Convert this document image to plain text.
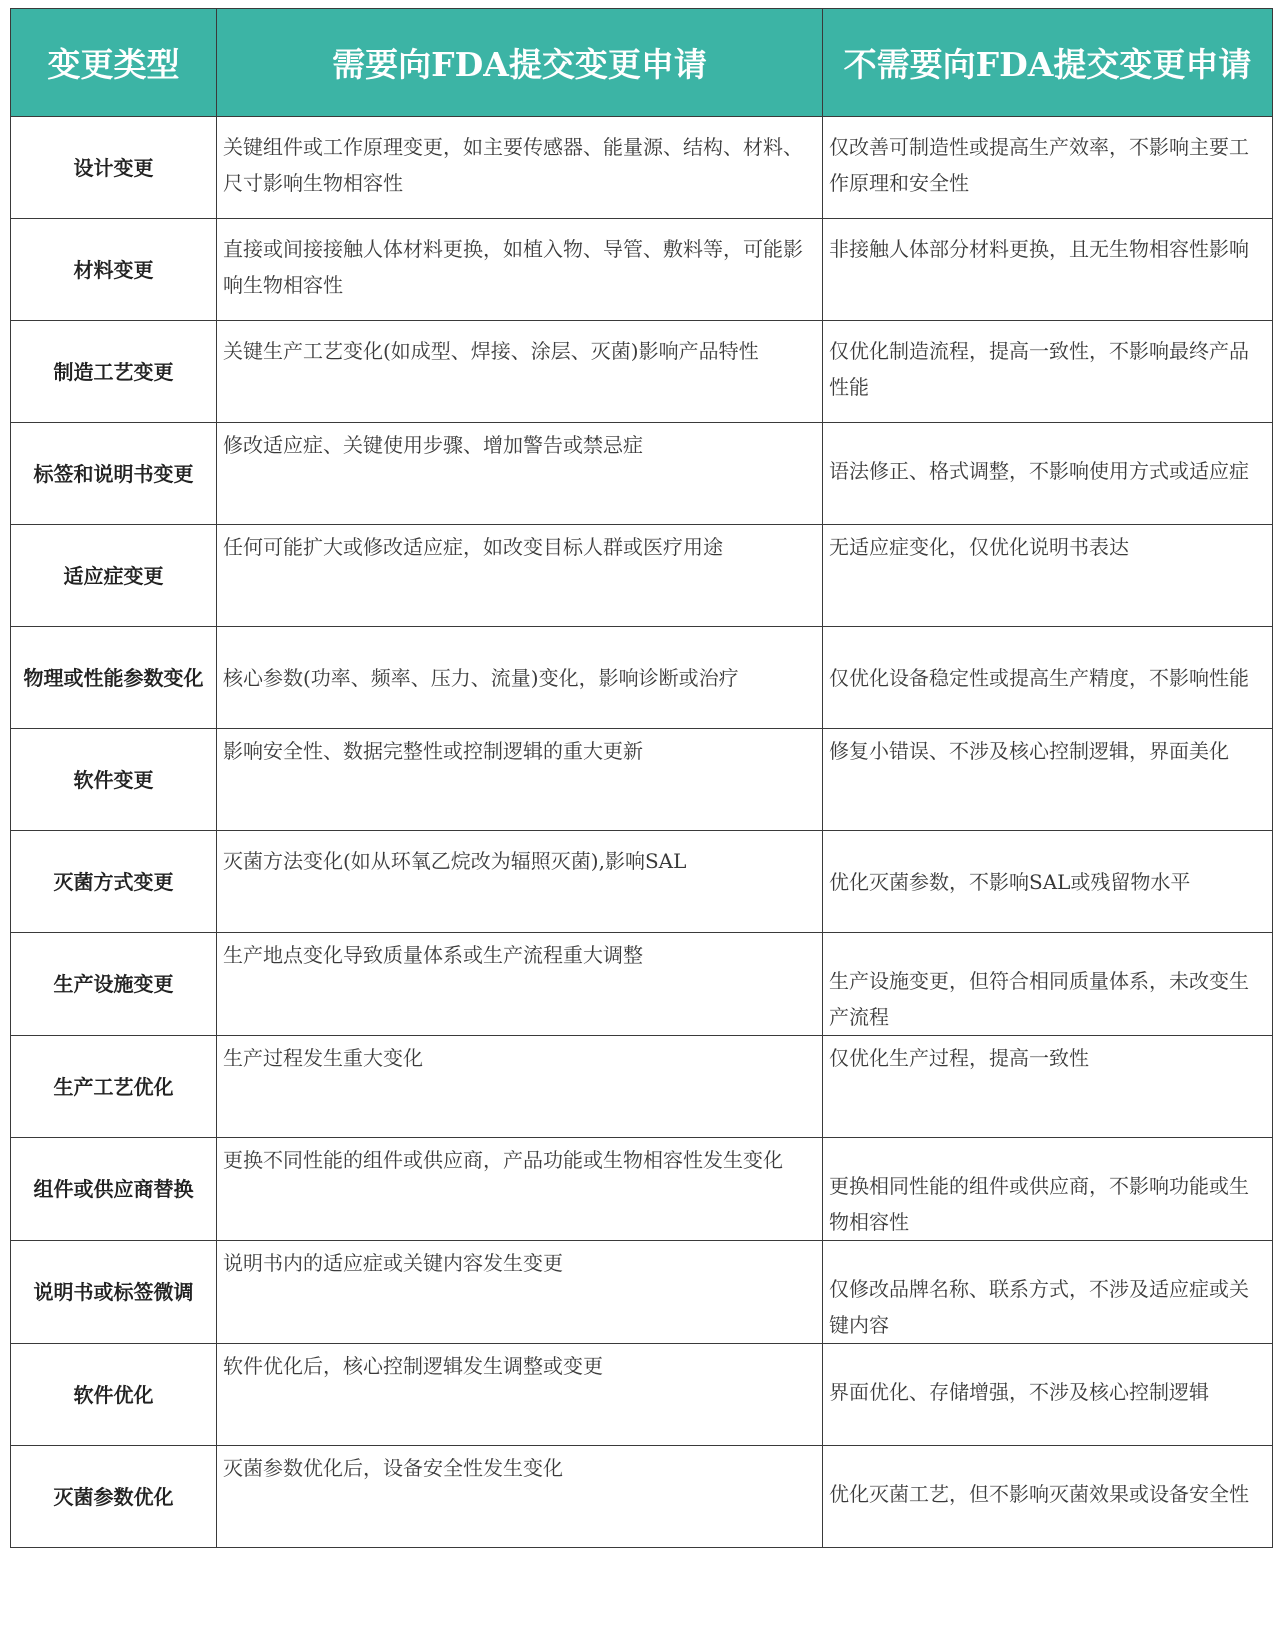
变更类型	需要向FDA提交变更申请	不需要向FDA提交变更申请
设计变更	关键组件或工作原理变更，如主要传感器、能量源、结构、材料、尺寸影响生物相容性	仅改善可制造性或提高生产效率，不影响主要工作原理和安全性
材料变更	直接或间接接触人体材料更换，如植入物、导管、敷料等，可能影响生物相容性	非接触人体部分材料更换，且无生物相容性影响
制造工艺变更	关键生产工艺变化(如成型、焊接、涂层、灭菌)影响产品特性	仅优化制造流程，提高一致性，不影响最终产品性能
标签和说明书变更	修改适应症、关键使用步骤、增加警告或禁忌症	语法修正、格式调整，不影响使用方式或适应症
适应症变更	任何可能扩大或修改适应症，如改变目标人群或医疗用途	无适应症变化，仅优化说明书表达
物理或性能参数变化	核心参数(功率、频率、压力、流量)变化，影响诊断或治疗	仅优化设备稳定性或提高生产精度，不影响性能
软件变更	影响安全性、数据完整性或控制逻辑的重大更新	修复小错误、不涉及核心控制逻辑，界面美化
灭菌方式变更	灭菌方法变化(如从环氧乙烷改为辐照灭菌),影响SAL	优化灭菌参数，不影响SAL或残留物水平
生产设施变更	生产地点变化导致质量体系或生产流程重大调整	生产设施变更，但符合相同质量体系，未改变生产流程
生产工艺优化	生产过程发生重大变化	仅优化生产过程，提高一致性
组件或供应商替换	更换不同性能的组件或供应商，产品功能或生物相容性发生变化	更换相同性能的组件或供应商，不影响功能或生物相容性
说明书或标签微调	说明书内的适应症或关键内容发生变更	仅修改品牌名称、联系方式，不涉及适应症或关键内容
软件优化	软件优化后，核心控制逻辑发生调整或变更	界面优化、存储增强，不涉及核心控制逻辑
灭菌参数优化	灭菌参数优化后，设备安全性发生变化	优化灭菌工艺，但不影响灭菌效果或设备安全性
